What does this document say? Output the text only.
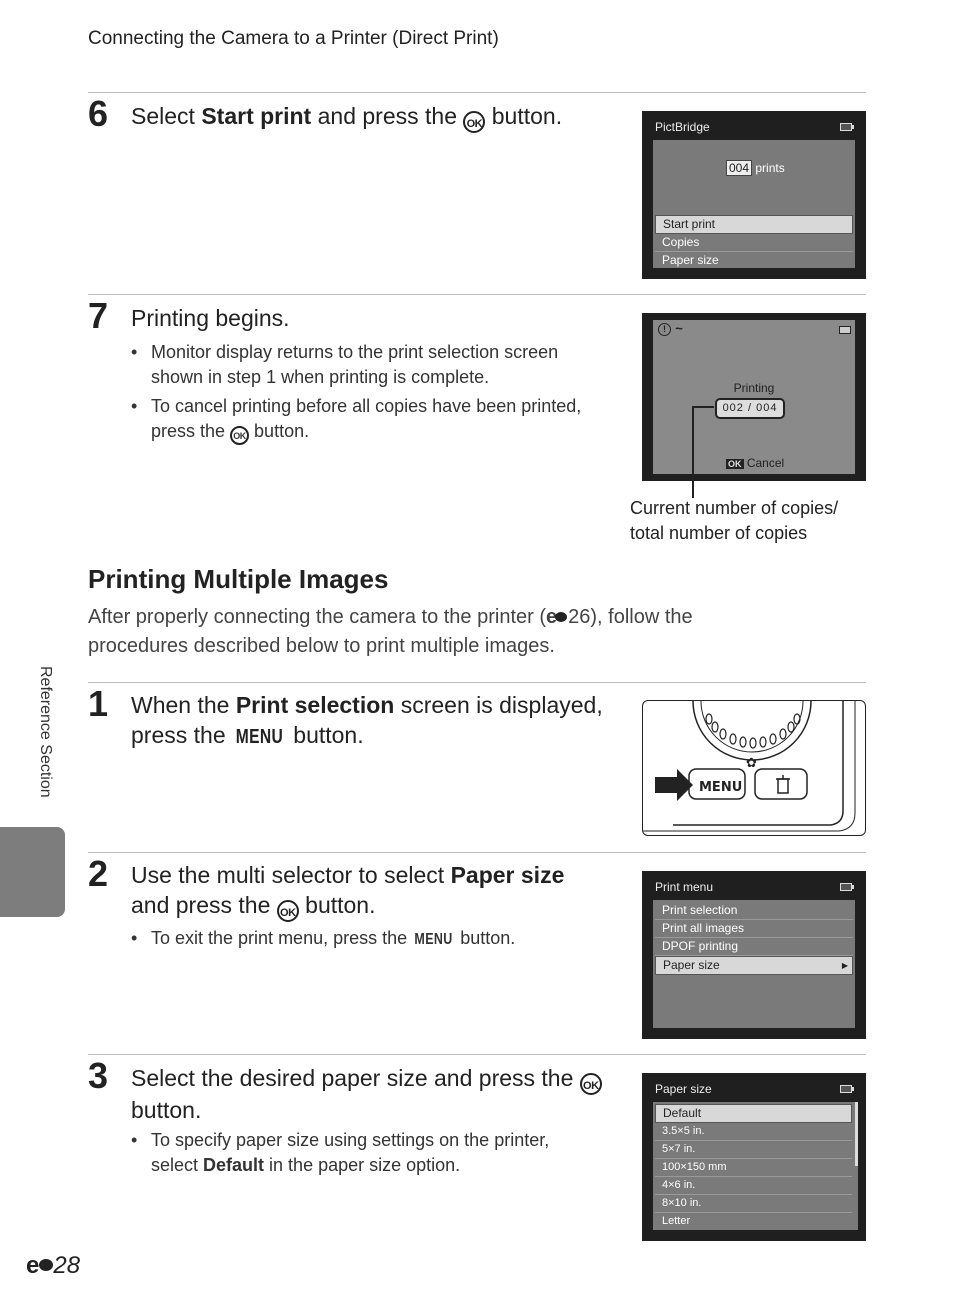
Connecting the Camera to a Printer (Direct Print)
Reference Section
6 Select Start print and press the OK button.	PictBridge
004 prints
Start print
Copies
Paper size
7 Printing begins.
• Monitor display returns to the print selection screen shown in step 1 when printing is complete.
• To cancel printing before all copies have been printed, press the OK button.
! ~
Printing
002 / 004
OK Cancel
Current number of copies/
total number of copies
Printing Multiple Images
After properly connecting the camera to the printer (e 26), follow the
procedures described below to print multiple images.
1 When the Print selection screen is displayed,
press the MENU button.
✿
MENU
2 Use the multi selector to select Paper size
and press the OK button.
• To exit the print menu, press the MENU button.
Print menu
Print selection
Print all images
DPOF printing
Paper size	▶
3 Select the desired paper size and press the OK
button.
• To specify paper size using settings on the printer,
select Default in the paper size option.
Paper size
Default
3.5×5 in.
5×7 in.
100×150 mm
4×6 in.
8×10 in.
Letter
e 28
